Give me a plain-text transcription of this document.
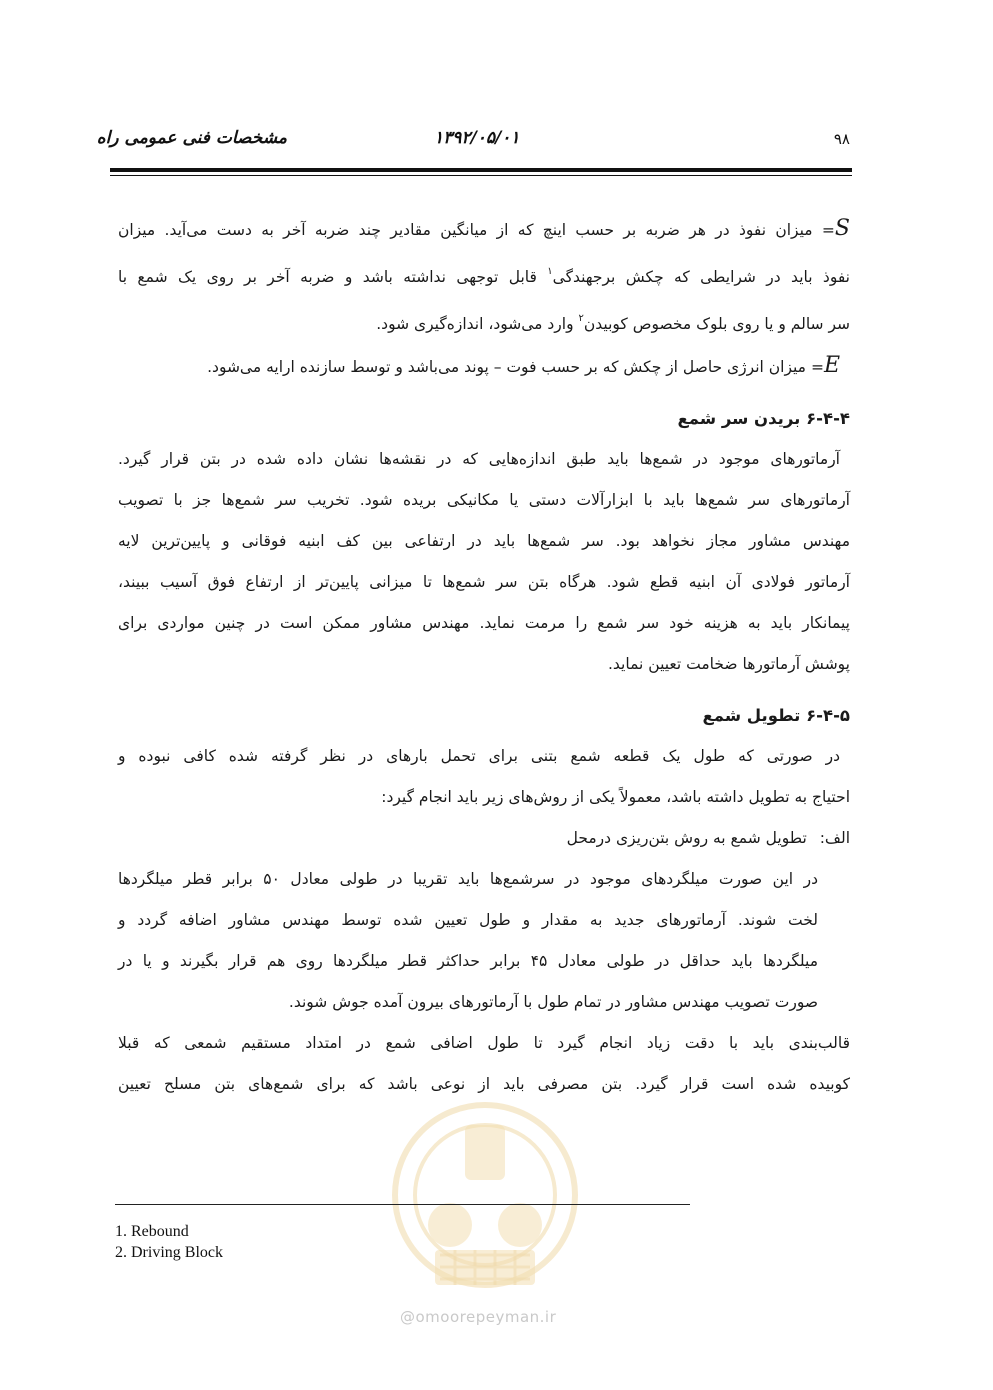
مشخصات فنی عمومی راه	۱۳۹۲/۰۵/۰۱	۹۸
@omoorepeyman.ir
S= میزان نفوذ در هر ضربه بر حسب اینچ که از میانگین مقادیر چند ضربه آخر به دست می‌آید. میزان
نفوذ باید در شرایطی که چکش برجهندگی$^۱$ قابل توجهی نداشته باشد و ضربه آخر بر روی یک شمع با
سر سالم و یا روی بلوک مخصوص کوبیدن$^۲$ وارد می‌شود، اندازه‌گیری شود.
E= میزان انرژی حاصل از چکش که بر حسب فوت – پوند می‌باشد و توسط سازنده ارایه می‌شود.
۶-۴-۴ بریدن سر شمع
آرماتورهای موجود در شمع‌ها باید طبق اندازه‌هایی که در نقشه‌ها نشان داده شده در بتن قرار گیرد.
آرماتورهای سر شمع‌ها باید با ابزارآلات دستی یا مکانیکی بریده شود. تخریب سر شمع‌ها جز با تصویب
مهندس مشاور مجاز نخواهد بود. سر شمع‌ها باید در ارتفاعی بین کف ابنیه فوقانی و پایین‌ترین لایه
آرماتور فولادی آن ابنیه قطع شود. هرگاه بتن سر شمع‌ها تا میزانی پایین‌تر از ارتفاع فوق آسیب ببیند،
پیمانکار باید به هزینه خود سر شمع را مرمت نماید. مهندس مشاور ممکن است در چنین مواردی برای
پوشش آرماتورها ضخامت تعیین نماید.
۶-۴-۵ تطویل شمع
در صورتی که طول یک قطعه شمع بتنی برای تحمل بارهای در نظر گرفته شده کافی نبوده و
احتیاج به تطویل داشته باشد، معمولاً یکی از روش‌های زیر باید انجام گیرد:
الف: تطویل شمع به روش بتن‌ریزی درمحل
در این صورت میلگردهای موجود در سرشمع‌ها باید تقریبا در طولی معادل ۵۰ برابر قطر میلگردها
لخت شوند. آرماتورهای جدید به مقدار و طول تعیین شده توسط مهندس مشاور اضافه گردد و
میلگردها باید حداقل در طولی معادل ۴۵ برابر حداکثر قطر میلگردها روی هم قرار بگیرند و یا در
صورت تصویب مهندس مشاور در تمام طول با آرماتورهای بیرون آمده جوش شوند.
قالب‌بندی باید با دقت زیاد انجام گیرد تا طول اضافی شمع در امتداد مستقیم شمعی که قبلا
کوبیده شده است قرار گیرد. بتن مصرفی باید از نوعی باشد که برای شمع‌های بتن مسلح تعیین
1. Rebound
2. Driving Block
